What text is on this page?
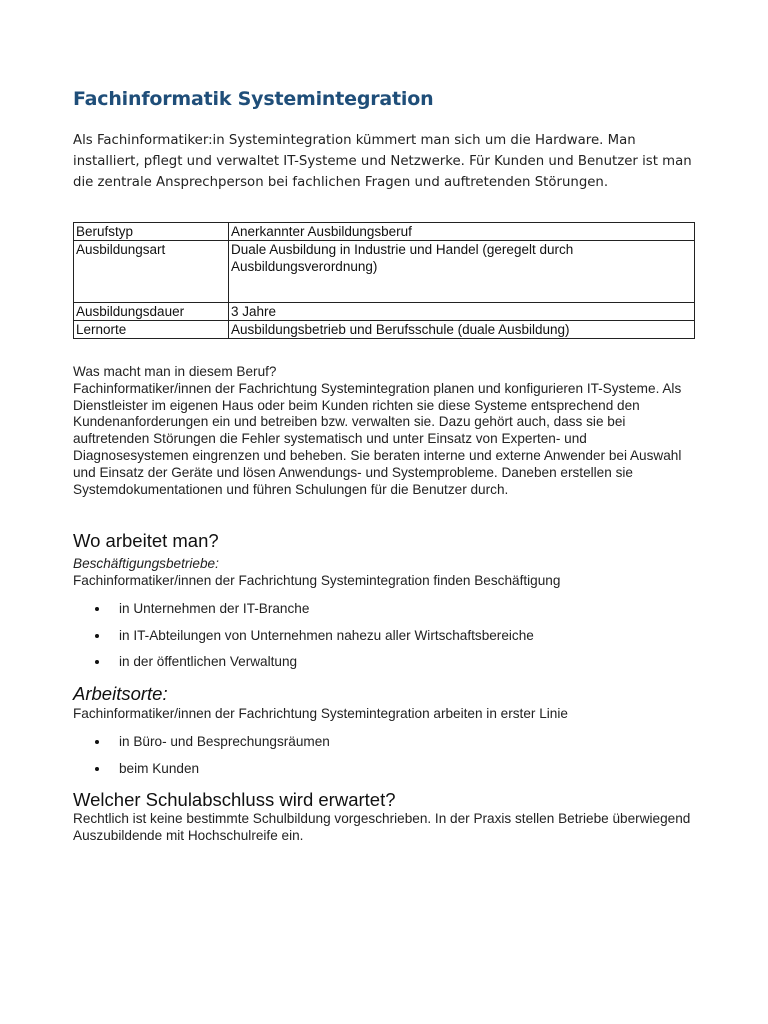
Fachinformatik Systemintegration

Als Fachinformatiker:in Systemintegration kümmert man sich um die Hardware. Man installiert, pflegt und verwaltet IT-Systeme und Netzwerke. Für Kunden und Benutzer ist man die zentrale Ansprechperson bei fachlichen Fragen und auftretenden Störungen.

Berufstyp	Anerkannter Ausbildungsberuf
Ausbildungsart	Duale Ausbildung in Industrie und Handel (geregelt durch Ausbildungsverordnung)
Ausbildungsdauer	3 Jahre
Lernorte	Ausbildungsbetrieb und Berufsschule (duale Ausbildung)
Was macht man in diesem Beruf?
Fachinformatiker/innen der Fachrichtung Systemintegration planen und konfigurieren IT-Systeme. Als Dienstleister im eigenen Haus oder beim Kunden richten sie diese Systeme entsprechend den Kundenanforderungen ein und betreiben bzw. verwalten sie. Dazu gehört auch, dass sie bei auftretenden Störungen die Fehler systematisch und unter Einsatz von Experten- und Diagnosesystemen eingrenzen und beheben. Sie beraten interne und externe Anwender bei Auswahl und Einsatz der Geräte und lösen Anwendungs- und Systemprobleme. Daneben erstellen sie Systemdokumentationen und führen Schulungen für die Benutzer durch.
Wo arbeitet man?
Beschäftigungsbetriebe:

Fachinformatiker/innen der Fachrichtung Systemintegration finden Beschäftigung

in Unternehmen der IT-Branche
in IT-Abteilungen von Unternehmen nahezu aller Wirtschaftsbereiche
in der öffentlichen Verwaltung
Arbeitsorte:

Fachinformatiker/innen der Fachrichtung Systemintegration arbeiten in erster Linie

in Büro- und Besprechungsräumen
beim Kunden
Welcher Schulabschluss wird erwartet?

Rechtlich ist keine bestimmte Schulbildung vorgeschrieben. In der Praxis stellen Betriebe überwiegend Auszubildende mit Hochschulreife ein.
